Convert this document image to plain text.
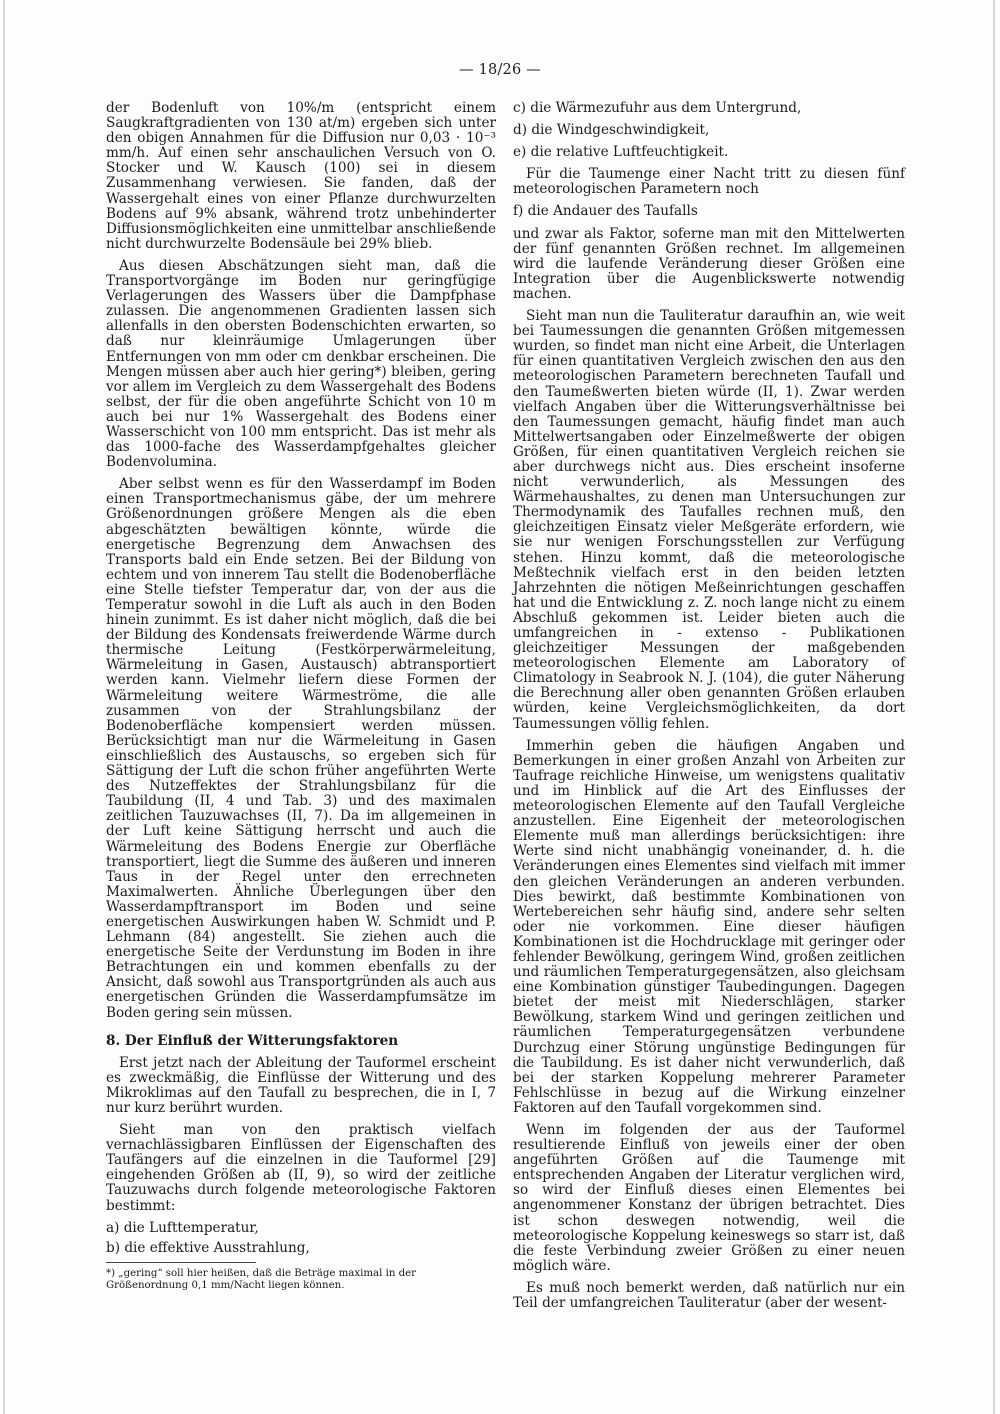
— 18/26 —

der Bodenluft von 10%/m (entspricht einem Saugkraftgradienten von 130 at/m) ergeben sich unter den obigen Annahmen für die Diffusion nur 0,03 · 10⁻³ mm/h. Auf einen sehr anschaulichen Versuch von O. Stocker und W. Kausch (100) sei in diesem Zusammenhang verwiesen. Sie fanden, daß der Wassergehalt eines von einer Pflanze durchwurzelten Bodens auf 9% absank, während trotz unbehinderter Diffusionsmöglichkeiten eine unmittelbar anschließende nicht durchwurzelte Bodensäule bei 29% blieb.

Aus diesen Abschätzungen sieht man, daß die Transportvorgänge im Boden nur geringfügige Verlagerungen des Wassers über die Dampfphase zulassen. Die angenommenen Gradienten lassen sich allenfalls in den obersten Bodenschichten erwarten, so daß nur kleinräumige Umlagerungen über Entfernungen von mm oder cm denkbar erscheinen. Die Mengen müssen aber auch hier gering*) bleiben, gering vor allem im Vergleich zu dem Wassergehalt des Bodens selbst, der für die oben angeführte Schicht von 10 m auch bei nur 1% Wassergehalt des Bodens einer Wasserschicht von 100 mm entspricht. Das ist mehr als das 1000-fache des Wasserdampfgehaltes gleicher Bodenvolumina.

Aber selbst wenn es für den Wasserdampf im Boden einen Transportmechanismus gäbe, der um mehrere Größenordnungen größere Mengen als die eben abgeschätzten bewältigen könnte, würde die energetische Begrenzung dem Anwachsen des Transports bald ein Ende setzen. Bei der Bildung von echtem und von innerem Tau stellt die Bodenoberfläche eine Stelle tiefster Temperatur dar, von der aus die Temperatur sowohl in die Luft als auch in den Boden hinein zunimmt. Es ist daher nicht möglich, daß die bei der Bildung des Kondensats freiwerdende Wärme durch thermische Leitung (Festkörperwärmeleitung, Wärmeleitung in Gasen, Austausch) abtransportiert werden kann. Vielmehr liefern diese Formen der Wärmeleitung weitere Wärmeströme, die alle zusammen von der Strahlungsbilanz der Bodenoberfläche kompensiert werden müssen. Berücksichtigt man nur die Wärmeleitung in Gasen einschließlich des Austauschs, so ergeben sich für Sättigung der Luft die schon früher angeführten Werte des Nutzeffektes der Strahlungsbilanz für die Taubildung (II, 4 und Tab. 3) und des maximalen zeitlichen Tauzuwachses (II, 7). Da im allgemeinen in der Luft keine Sättigung herrscht und auch die Wärmeleitung des Bodens Energie zur Oberfläche transportiert, liegt die Summe des äußeren und inneren Taus in der Regel unter den errechneten Maximalwerten. Ähnliche Überlegungen über den Wasserdampftransport im Boden und seine energetischen Auswirkungen haben W. Schmidt und P. Lehmann (84) angestellt. Sie ziehen auch die energetische Seite der Verdunstung im Boden in ihre Betrachtungen ein und kommen ebenfalls zu der Ansicht, daß sowohl aus Transportgründen als auch aus energetischen Gründen die Wasserdampfumsätze im Boden gering sein müssen.

8. Der Einfluß der Witterungsfaktoren

Erst jetzt nach der Ableitung der Tauformel erscheint es zweckmäßig, die Einflüsse der Witterung und des Mikroklimas auf den Taufall zu besprechen, die in I, 7 nur kurz berührt wurden.

Sieht man von den praktisch vielfach vernachlässigbaren Einflüssen der Eigenschaften des Taufängers auf die einzelnen in die Tauformel [29] eingehenden Größen ab (II, 9), so wird der zeitliche Tauzuwachs durch folgende meteorologische Faktoren bestimmt:

a) die Lufttemperatur,
b) die effektive Ausstrahlung,
*) „gering“ soll hier heißen, daß die Beträge maximal in der Größenordnung 0,1 mm/Nacht liegen können.
c) die Wärmezufuhr aus dem Untergrund,
d) die Windgeschwindigkeit,
e) die relative Luftfeuchtigkeit.

Für die Taumenge einer Nacht tritt zu diesen fünf meteorologischen Parametern noch

f) die Andauer des Taufalls

und zwar als Faktor, soferne man mit den Mittelwerten der fünf genannten Größen rechnet. Im allgemeinen wird die laufende Veränderung dieser Größen eine Integration über die Augenblickswerte notwendig machen.

Sieht man nun die Tauliteratur daraufhin an, wie weit bei Taumessungen die genannten Größen mitgemessen wurden, so findet man nicht eine Arbeit, die Unterlagen für einen quantitativen Vergleich zwischen den aus den meteorologischen Parametern berechneten Taufall und den Taumeßwerten bieten würde (II, 1). Zwar werden vielfach Angaben über die Witterungsverhältnisse bei den Taumessungen gemacht, häufig findet man auch Mittelwertsangaben oder Einzelmeßwerte der obigen Größen, für einen quantitativen Vergleich reichen sie aber durchwegs nicht aus. Dies erscheint insoferne nicht verwunderlich, als Messungen des Wärmehaushaltes, zu denen man Untersuchungen zur Thermodynamik des Taufalles rechnen muß, den gleichzeitigen Einsatz vieler Meßgeräte erfordern, wie sie nur wenigen Forschungsstellen zur Verfügung stehen. Hinzu kommt, daß die meteorologische Meßtechnik vielfach erst in den beiden letzten Jahrzehnten die nötigen Meßeinrichtungen geschaffen hat und die Entwicklung z. Z. noch lange nicht zu einem Abschluß gekommen ist. Leider bieten auch die umfangreichen in - extenso - Publikationen gleichzeitiger Messungen der maßgebenden meteorologischen Elemente am Laboratory of Climatology in Seabrook N. J. (104), die guter Näherung die Berechnung aller oben genannten Größen erlauben würden, keine Vergleichsmöglichkeiten, da dort Taumessungen völlig fehlen.

Immerhin geben die häufigen Angaben und Bemerkungen in einer großen Anzahl von Arbeiten zur Taufrage reichliche Hinweise, um wenigstens qualitativ und im Hinblick auf die Art des Einflusses der meteorologischen Elemente auf den Taufall Vergleiche anzustellen. Eine Eigenheit der meteorologischen Elemente muß man allerdings berücksichtigen: ihre Werte sind nicht unabhängig voneinander, d. h. die Veränderungen eines Elementes sind vielfach mit immer den gleichen Veränderungen an anderen verbunden. Dies bewirkt, daß bestimmte Kombinationen von Wertebereichen sehr häufig sind, andere sehr selten oder nie vorkommen. Eine dieser häufigen Kombinationen ist die Hochdrucklage mit geringer oder fehlender Bewölkung, geringem Wind, großen zeitlichen und räumlichen Temperaturgegensätzen, also gleichsam eine Kombination günstiger Taubedingungen. Dagegen bietet der meist mit Niederschlägen, starker Bewölkung, starkem Wind und geringen zeitlichen und räumlichen Temperaturgegensätzen verbundene Durchzug einer Störung ungünstige Bedingungen für die Taubildung. Es ist daher nicht verwunderlich, daß bei der starken Koppelung mehrerer Parameter Fehlschlüsse in bezug auf die Wirkung einzelner Faktoren auf den Taufall vorgekommen sind.

Wenn im folgenden der aus der Tauformel resultierende Einfluß von jeweils einer der oben angeführten Größen auf die Taumenge mit entsprechenden Angaben der Literatur verglichen wird, so wird der Einfluß dieses einen Elementes bei angenommener Konstanz der übrigen betrachtet. Dies ist schon deswegen notwendig, weil die meteorologische Koppelung keineswegs so starr ist, daß die feste Verbindung zweier Größen zu einer neuen möglich wäre.

Es muß noch bemerkt werden, daß natürlich nur ein Teil der umfangreichen Tauliteratur (aber der wesent-
